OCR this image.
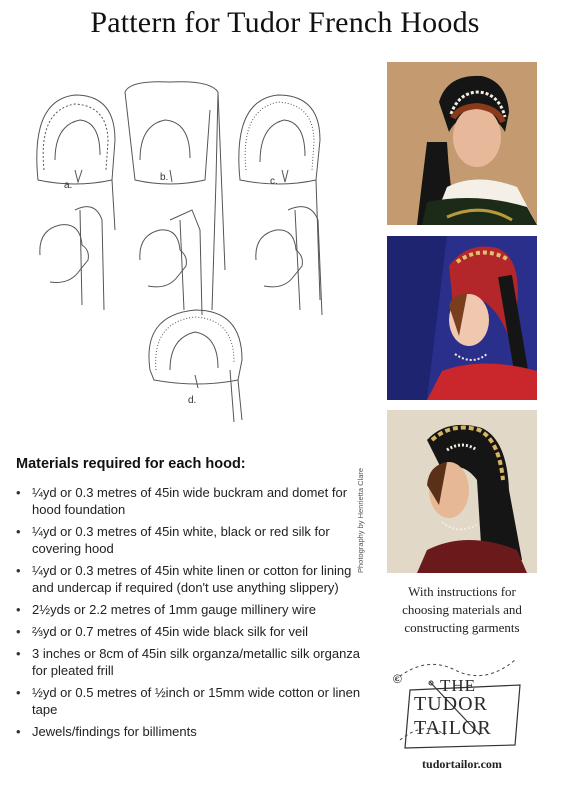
Pattern for Tudor French Hoods
a.
b.	c.
d.
Photography by Henrietta Clare
Materials required for each hood:
• ¼yd or 0.3 metres of 45in wide buckram and domet for hood foundation
• ¼yd or 0.3 metres of 45in white, black or red silk for covering hood
• ¼yd or 0.3 metres of 45in white linen or cotton for lining and undercap if required (don't use anything slippery)
• 2½yds or 2.2 metres of 1mm gauge millinery wire
• ⅔yd or 0.7 metres of 45in wide black silk for veil
• 3 inches or 8cm of 45in silk organza/metallic silk organza for pleated frill
• ½yd or 0.5 metres of ½inch or 15mm wide cotton or linen tape
• Jewels/findings for billiments
With instructions for choosing materials and constructing garments
© THE
TUDOR TAILOR
tudortailor.com
